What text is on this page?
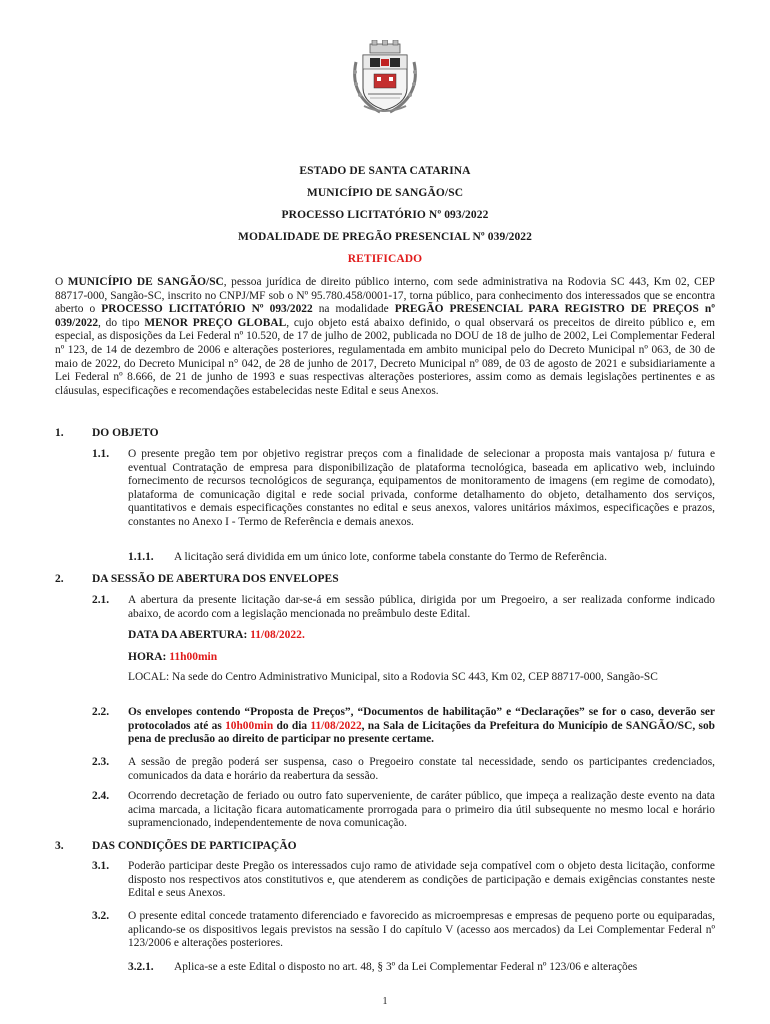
ESTADO DE SANTA CATARINA
MUNICÍPIO DE SANGÃO/SC
PROCESSO LICITATÓRIO Nº 093/2022
MODALIDADE DE PREGÃO PRESENCIAL Nº 039/2022
RETIFICADO
O MUNICÍPIO DE SANGÃO/SC, pessoa jurídica de direito público interno, com sede administrativa na Rodovia SC 443, Km 02, CEP 88717-000, Sangão-SC, inscrito no CNPJ/MF sob o Nº 95.780.458/0001-17, torna público, para conhecimento dos interessados que se encontra aberto o PROCESSO LICITATÓRIO Nº 093/2022 na modalidade PREGÃO PRESENCIAL PARA REGISTRO DE PREÇOS nº 039/2022, do tipo MENOR PREÇO GLOBAL, cujo objeto está abaixo definido, o qual observará os preceitos de direito público e, em especial, as disposições da Lei Federal nº 10.520, de 17 de julho de 2002, publicada no DOU de 18 de julho de 2002, Lei Complementar Federal nº 123, de 14 de dezembro de 2006 e alterações posteriores, regulamentada em ambito municipal pelo do Decreto Municipal nº 063, de 30 de maio de 2022, do Decreto Municipal n° 042, de 28 de junho de 2017, Decreto Municipal nº 089, de 03 de agosto de 2021 e subsidiariamente a Lei Federal nº 8.666, de 21 de junho de 1993 e suas respectivas alterações posteriores, assim como as demais legislações pertinentes e as cláusulas, especificações e recomendações estabelecidas neste Edital e seus Anexos.
1. DO OBJETO
1.1. O presente pregão tem por objetivo registrar preços com a finalidade de selecionar a proposta mais vantajosa p/ futura e eventual Contratação de empresa para disponibilização de plataforma tecnológica, baseada em aplicativo web, incluindo fornecimento de recursos tecnológicos de segurança, equipamentos de monitoramento de imagens (em regime de comodato), plataforma de comunicação digital e rede social privada, conforme detalhamento do objeto, detalhamento dos serviços, quantitativos e demais especificações constantes no edital e seus anexos, valores unitários máximos, especificações e prazos, constantes no Anexo I - Termo de Referência e demais anexos.
1.1.1. A licitação será dividida em um único lote, conforme tabela constante do Termo de Referência.
2. DA SESSÃO DE ABERTURA DOS ENVELOPES
2.1. A abertura da presente licitação dar-se-á em sessão pública, dirigida por um Pregoeiro, a ser realizada conforme indicado abaixo, de acordo com a legislação mencionada no preâmbulo deste Edital.
DATA DA ABERTURA: 11/08/2022.
HORA: 11h00min
LOCAL: Na sede do Centro Administrativo Municipal, sito a Rodovia SC 443, Km 02, CEP 88717-000, Sangão-SC
2.2. Os envelopes contendo “Proposta de Preços”, “Documentos de habilitação” e “Declarações” se for o caso, deverão ser protocolados até as 10h00min do dia 11/08/2022, na Sala de Licitações da Prefeitura do Município de SANGÃO/SC, sob pena de preclusão ao direito de participar no presente certame.
2.3. A sessão de pregão poderá ser suspensa, caso o Pregoeiro constate tal necessidade, sendo os participantes credenciados, comunicados da data e horário da reabertura da sessão.
2.4. Ocorrendo decretação de feriado ou outro fato superveniente, de caráter público, que impeça a realização deste evento na data acima marcada, a licitação ficara automaticamente prorrogada para o primeiro dia útil subsequente no mesmo local e horário supramencionado, independentemente de nova comunicação.
3. DAS CONDIÇÕES DE PARTICIPAÇÃO
3.1. Poderão participar deste Pregão os interessados cujo ramo de atividade seja compatível com o objeto desta licitação, conforme disposto nos respectivos atos constitutivos e, que atenderem as condições de participação e demais exigências constantes neste Edital e seus Anexos.
3.2. O presente edital concede tratamento diferenciado e favorecido as microempresas e empresas de pequeno porte ou equiparadas, aplicando-se os dispositivos legais previstos na sessão I do capítulo V (acesso aos mercados) da Lei Complementar Federal nº 123/2006 e alterações posteriores.
3.2.1. Aplica-se a este Edital o disposto no art. 48, § 3º da Lei Complementar Federal nº 123/06 e alterações
1
